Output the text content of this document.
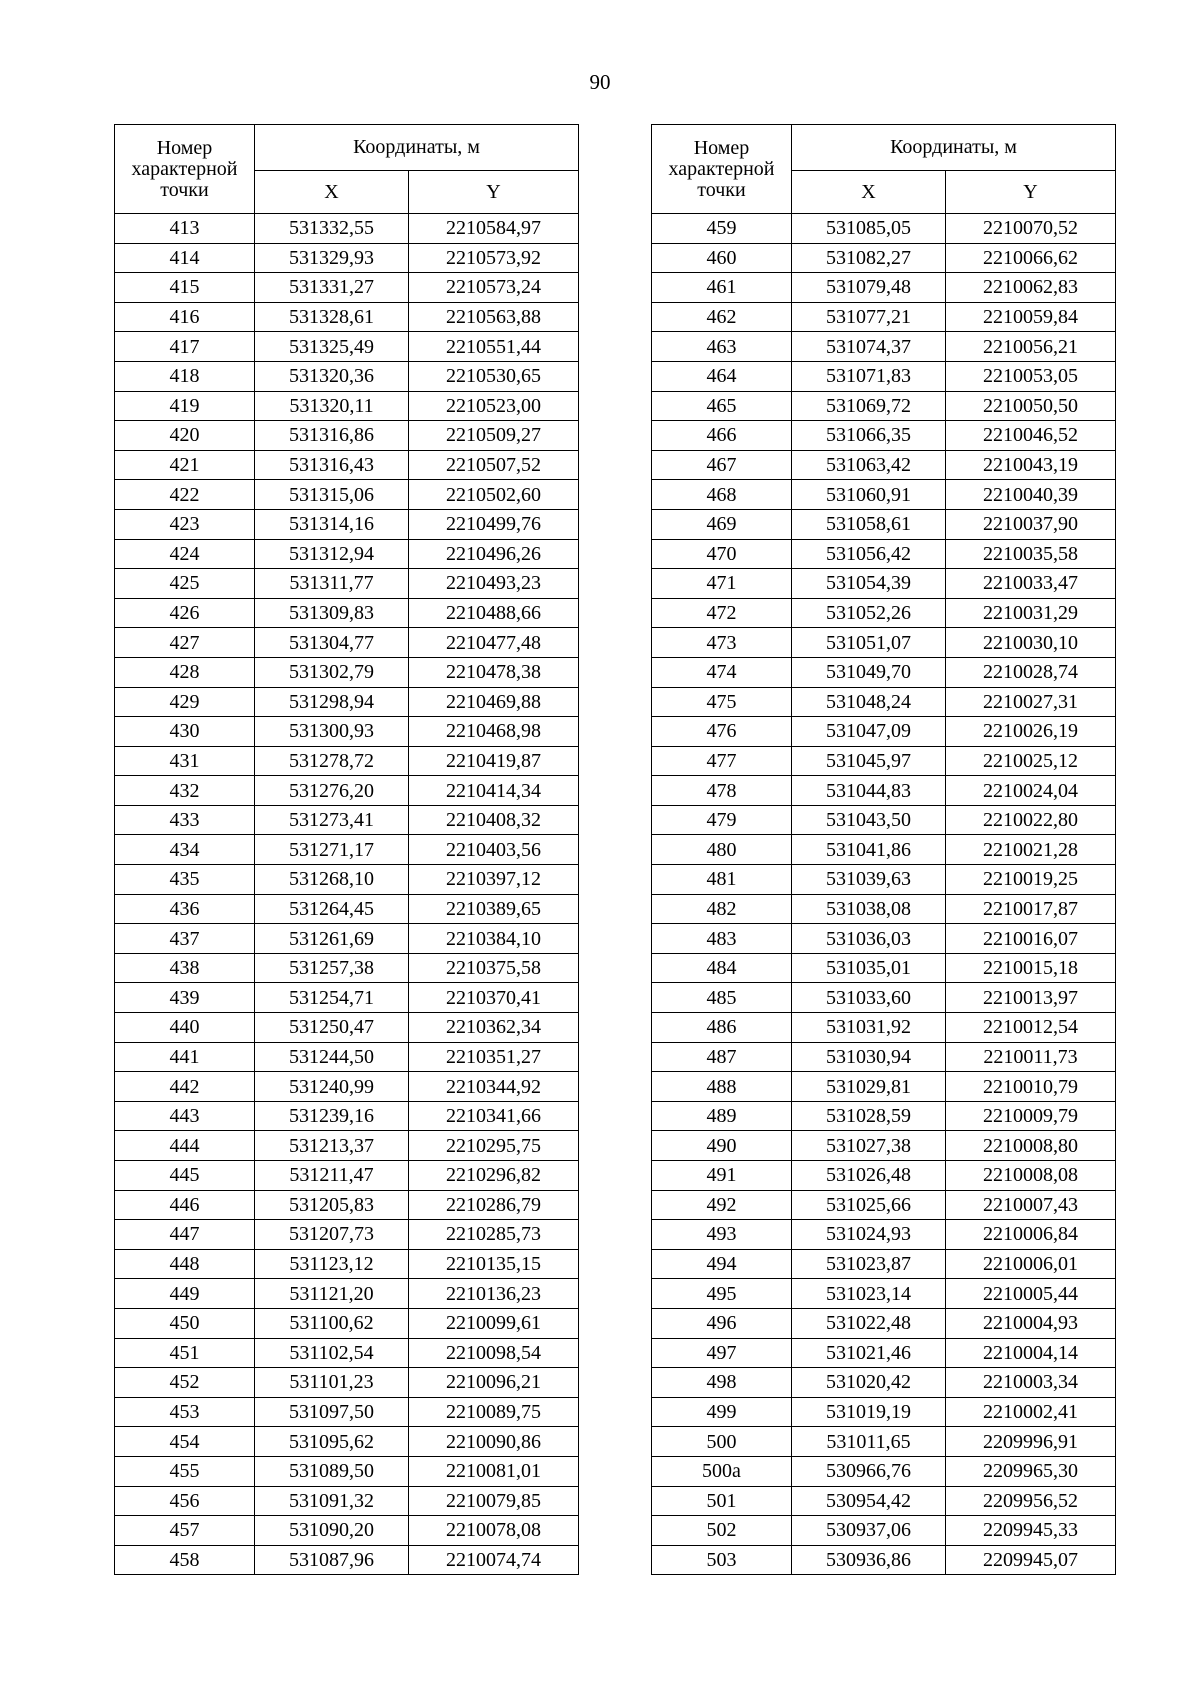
90
Номер характерной точки	Координаты, м	
	X	Y
413	531332,55	2210584,97
414	531329,93	2210573,92
415	531331,27	2210573,24
416	531328,61	2210563,88
417	531325,49	2210551,44
418	531320,36	2210530,65
419	531320,11	2210523,00
420	531316,86	2210509,27
421	531316,43	2210507,52
422	531315,06	2210502,60
423	531314,16	2210499,76
424	531312,94	2210496,26
425	531311,77	2210493,23
426	531309,83	2210488,66
427	531304,77	2210477,48
428	531302,79	2210478,38
429	531298,94	2210469,88
430	531300,93	2210468,98
431	531278,72	2210419,87
432	531276,20	2210414,34
433	531273,41	2210408,32
434	531271,17	2210403,56
435	531268,10	2210397,12
436	531264,45	2210389,65
437	531261,69	2210384,10
438	531257,38	2210375,58
439	531254,71	2210370,41
440	531250,47	2210362,34
441	531244,50	2210351,27
442	531240,99	2210344,92
443	531239,16	2210341,66
444	531213,37	2210295,75
445	531211,47	2210296,82
446	531205,83	2210286,79
447	531207,73	2210285,73
448	531123,12	2210135,15
449	531121,20	2210136,23
450	531100,62	2210099,61
451	531102,54	2210098,54
452	531101,23	2210096,21
453	531097,50	2210089,75
454	531095,62	2210090,86
455	531089,50	2210081,01
456	531091,32	2210079,85
457	531090,20	2210078,08
458	531087,96	2210074,74
Номер характерной точки	Координаты, м	
	X	Y
459	531085,05	2210070,52
460	531082,27	2210066,62
461	531079,48	2210062,83
462	531077,21	2210059,84
463	531074,37	2210056,21
464	531071,83	2210053,05
465	531069,72	2210050,50
466	531066,35	2210046,52
467	531063,42	2210043,19
468	531060,91	2210040,39
469	531058,61	2210037,90
470	531056,42	2210035,58
471	531054,39	2210033,47
472	531052,26	2210031,29
473	531051,07	2210030,10
474	531049,70	2210028,74
475	531048,24	2210027,31
476	531047,09	2210026,19
477	531045,97	2210025,12
478	531044,83	2210024,04
479	531043,50	2210022,80
480	531041,86	2210021,28
481	531039,63	2210019,25
482	531038,08	2210017,87
483	531036,03	2210016,07
484	531035,01	2210015,18
485	531033,60	2210013,97
486	531031,92	2210012,54
487	531030,94	2210011,73
488	531029,81	2210010,79
489	531028,59	2210009,79
490	531027,38	2210008,80
491	531026,48	2210008,08
492	531025,66	2210007,43
493	531024,93	2210006,84
494	531023,87	2210006,01
495	531023,14	2210005,44
496	531022,48	2210004,93
497	531021,46	2210004,14
498	531020,42	2210003,34
499	531019,19	2210002,41
500	531011,65	2209996,91
500а	530966,76	2209965,30
501	530954,42	2209956,52
502	530937,06	2209945,33
503	530936,86	2209945,07
